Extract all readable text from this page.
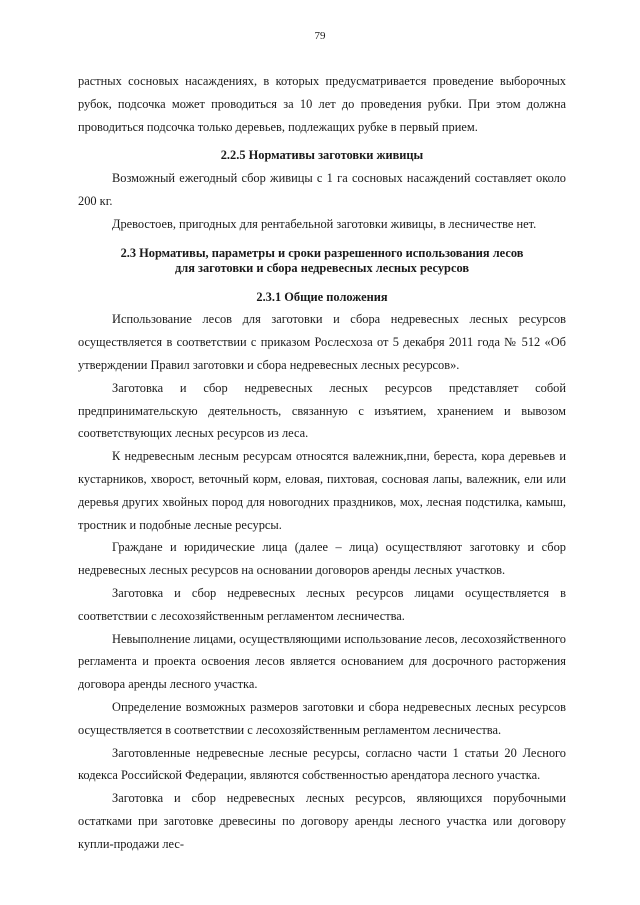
79

растных сосновых насаждениях, в которых предусматривается проведение выборочных рубок, подсочка может проводиться за 10 лет до проведения рубки. При этом должна проводиться подсочка только деревьев, подлежащих рубке в первый прием.

2.2.5 Нормативы заготовки живицы

Возможный ежегодный сбор живицы с 1 га сосновых насаждений составляет около 200 кг.

Древостоев, пригодных для рентабельной заготовки живицы, в лесничестве нет.

2.3 Нормативы, параметры и сроки разрешенного использования лесов
для заготовки и сбора недревесных лесных ресурсов
2.3.1 Общие положения

Использование лесов для заготовки и сбора недревесных лесных ресурсов осуществляется в соответствии с приказом Рослесхоза от 5 декабря 2011 года № 512 «Об утверждении Правил заготовки и сбора недревесных лесных ресурсов».

Заготовка и сбор недревесных лесных ресурсов представляет собой предпринимательскую деятельность, связанную с изъятием, хранением и вывозом соответствующих лесных ресурсов из леса.

К недревесным лесным ресурсам относятся валежник,пни, береста, кора деревьев и кустарников, хворост, веточный корм, еловая, пихтовая, сосновая лапы, валежник, ели или деревья других хвойных пород для новогодних праздников, мох, лесная подстилка, камыш, тростник и подобные лесные ресурсы.

Граждане и юридические лица (далее – лица) осуществляют заготовку и сбор недревесных лесных ресурсов на основании договоров аренды лесных участков.

Заготовка и сбор недревесных лесных ресурсов лицами осуществляется в соответствии с лесохозяйственным регламентом лесничества.

Невыполнение лицами, осуществляющими использование лесов, лесохозяйственного регламента и проекта освоения лесов является основанием для досрочного расторжения договора аренды лесного участка.

Определение возможных размеров заготовки и сбора недревесных лесных ресурсов осуществляется в соответствии с лесохозяйственным регламентом лесничества.

Заготовленные недревесные лесные ресурсы, согласно части 1 статьи 20 Лесного кодекса Российской Федерации, являются собственностью арендатора лесного участка.

Заготовка и сбор недревесных лесных ресурсов, являющихся порубочными остатками при заготовке древесины по договору аренды лесного участка или договору купли-продажи лес-
